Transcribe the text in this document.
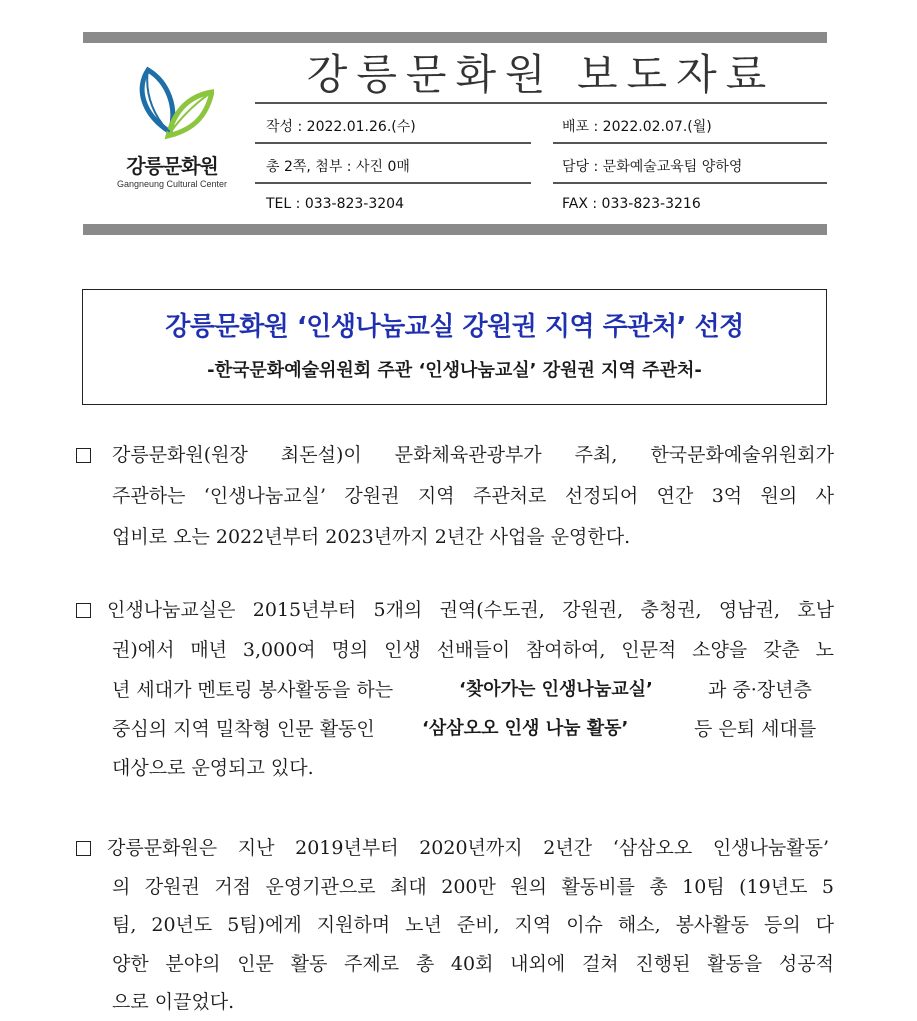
강릉문화원
Gangneung Cultural Center
강릉문화원 보도자료
작성 : 2022.01.26.(수)	배포 : 2022.02.07.(월)
총 2쪽, 첨부 : 사진 0매	담당 : 문화예술교육팀 양하영
TEL : 033-823-3204	FAX : 033-823-3216
강릉문화원 ‘인생나눔교실 강원권 지역 주관처’ 선정
-한국문화예술위원회 주관 ‘인생나눔교실’ 강원권 지역 주관처-
강릉문화원(원장 최돈설)이 문화체육관광부가 주최, 한국문화예술위원회가
주관하는 ‘인생나눔교실’ 강원권 지역 주관처로 선정되어 연간 3억 원의 사
업비로 오는 2022년부터 2023년까지 2년간 사업을 운영한다.
인생나눔교실은 2015년부터 5개의 권역(수도권, 강원권, 충청권, 영남권, 호남
권)에서 매년 3,000여 명의 인생 선배들이 참여하여, 인문적 소양을 갖춘 노
년 세대가 멘토링 봉사활동을 하는	‘찾아가는 인생나눔교실’	과 중·장년층
중심의 지역 밀착형 인문 활동인	‘삼삼오오 인생 나눔 활동’	등 은퇴 세대를
대상으로 운영되고 있다.
강릉문화원은 지난 2019년부터 2020년까지 2년간 ‘삼삼오오 인생나눔활동’
의 강원권 거점 운영기관으로 최대 200만 원의 활동비를 총 10팀 (19년도 5
팀, 20년도 5팀)에게 지원하며 노년 준비, 지역 이슈 해소, 봉사활동 등의 다
양한 분야의 인문 활동 주제로 총 40회 내외에 걸쳐 진행된 활동을 성공적
으로 이끌었다.
